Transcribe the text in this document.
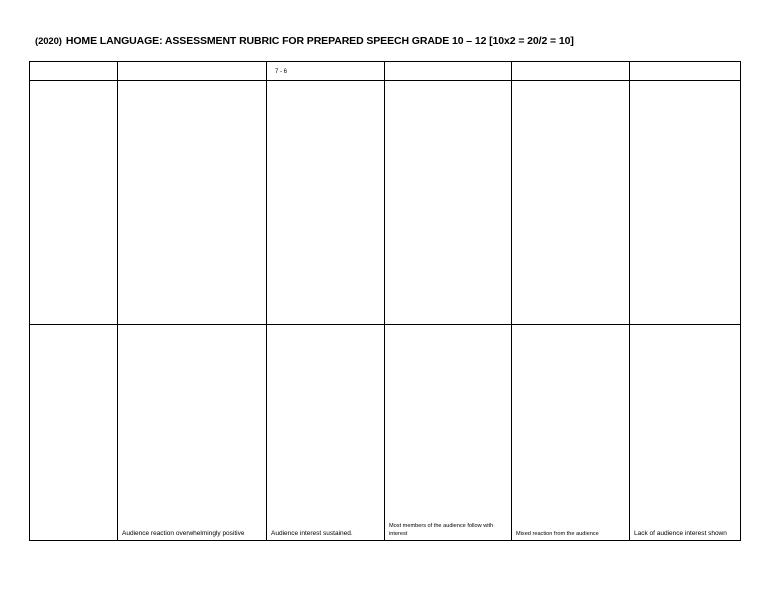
(2020) HOME LANGUAGE: ASSESSMENT RUBRIC FOR PREPARED SPEECH GRADE 10 – 12 [10x2 = 20/2 = 10]

		7 - 6			

	Audience reaction overwhelmingly positive	Audience interest sustained.	Most members of the audience follow with interest	Mixed reaction from the audience	Lack of audience interest shown
